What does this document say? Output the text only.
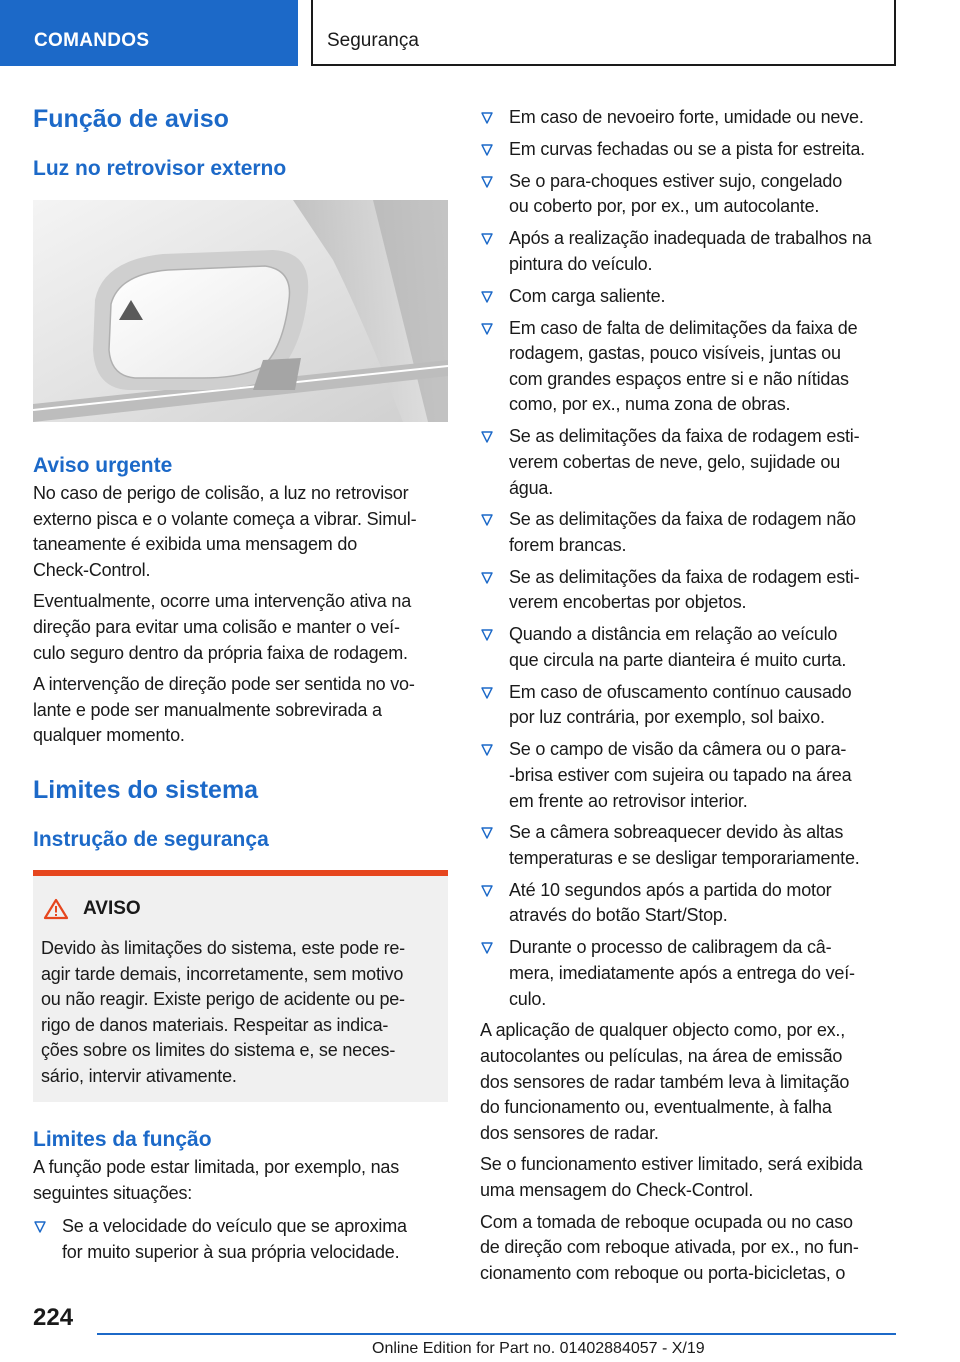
COMANDOS	Segurança
Função de aviso
Luz no retrovisor externo
Aviso urgente
No caso de perigo de colisão, a luz no retrovisor
externo pisca e o volante começa a vibrar. Simul‐
taneamente é exibida uma mensagem do
Check-Control.
Eventualmente, ocorre uma intervenção ativa na
direção para evitar uma colisão e manter o veí‐
culo seguro dentro da própria faixa de rodagem.
A intervenção de direção pode ser sentida no vo‐
lante e pode ser manualmente sobrevirada a
qualquer momento.
Limites do sistema
Instrução de segurança
AVISO
Devido às limitações do sistema, este pode re‐
agir tarde demais, incorretamente, sem motivo
ou não reagir. Existe perigo de acidente ou pe‐
rigo de danos materiais. Respeitar as indica‐
ções sobre os limites do sistema e, se neces‐
sário, intervir ativamente.
Limites da função
A função pode estar limitada, por exemplo, nas
seguintes situações:
Se a velocidade do veículo que se aproxima
for muito superior à sua própria velocidade.
Em caso de nevoeiro forte, umidade ou neve.
Em curvas fechadas ou se a pista for estreita.
Se o para-choques estiver sujo, congelado
ou coberto por, por ex., um autocolante.
Após a realização inadequada de trabalhos na
pintura do veículo.
Com carga saliente.
Em caso de falta de delimitações da faixa de
rodagem, gastas, pouco visíveis, juntas ou
com grandes espaços entre si e não nítidas
como, por ex., numa zona de obras.
Se as delimitações da faixa de rodagem esti‐
verem cobertas de neve, gelo, sujidade ou
água.
Se as delimitações da faixa de rodagem não
forem brancas.
Se as delimitações da faixa de rodagem esti‐
verem encobertas por objetos.
Quando a distância em relação ao veículo
que circula na parte dianteira é muito curta.
Em caso de ofuscamento contínuo causado
por luz contrária, por exemplo, sol baixo.
Se o campo de visão da câmera ou o para-
-brisa estiver com sujeira ou tapado na área
em frente ao retrovisor interior.
Se a câmera sobreaquecer devido às altas
temperaturas e se desligar temporariamente.
Até 10 segundos após a partida do motor
através do botão Start/Stop.
Durante o processo de calibragem da câ‐
mera, imediatamente após a entrega do veí‐
culo.
A aplicação de qualquer objecto como, por ex.,
autocolantes ou películas, na área de emissão
dos sensores de radar também leva à limitação
do funcionamento ou, eventualmente, à falha
dos sensores de radar.
Se o funcionamento estiver limitado, será exibida
uma mensagem do Check-Control.
Com a tomada de reboque ocupada ou no caso
de direção com reboque ativada, por ex., no fun‐
cionamento com reboque ou porta-bicicletas, o
224
Online Edition for Part no. 01402884057 - X/19
